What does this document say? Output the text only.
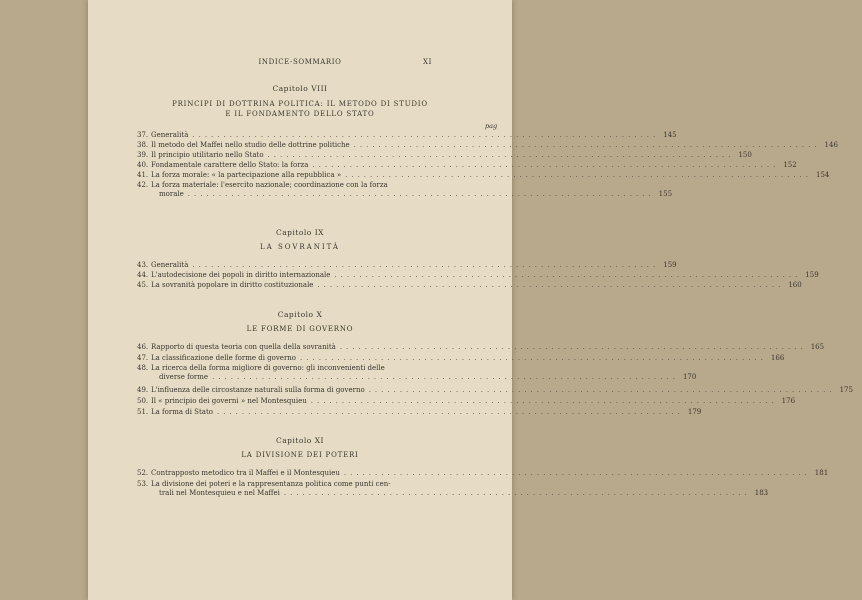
INDICE-SOMMARIO	XI
Capitolo VIII
PRINCIPI DI DOTTRINA POLITICA: IL METODO DI STUDIO
E IL FONDAMENTO DELLO STATO
pag
37. Generalità ........................................................................... 145
38. Il metodo del Maffei nello studio delle dottrine politiche ........................................................................... 146
39. Il principio utilitario nello Stato ........................................................................... 150
40. Fondamentale carattere dello Stato: la forza ........................................................................... 152
41. La forza morale: « la partecipazione alla repubblica » ........................................................................... 154
42. La forza materiale: l'esercito nazionale; coordinazione con la forza
morale ........................................................................... 155
Capitolo IX
LA SOVRANITÀ
43. Generalità ........................................................................... 159
44. L'autodecisione dei popoli in diritto internazionale ........................................................................... 159
45. La sovranità popolare in diritto costituzionale ........................................................................... 160
Capitolo X
LE FORME DI GOVERNO
46. Rapporto di questa teoria con quella della sovranità ........................................................................... 165
47. La classificazione delle forme di governo ........................................................................... 166
48. La ricerca della forma migliore di governo: gli inconvenienti delle
diverse forme ........................................................................... 170
49. L'influenza delle circostanze naturali sulla forma di governo ........................................................................... 175
50. Il « principio dei governi » nel Montesquieu ........................................................................... 176
51. La forma di Stato ........................................................................... 179
Capitolo XI
LA DIVISIONE DEI POTERI
52. Contrapposto metodico tra il Maffei e il Montesquieu ........................................................................... 181
53. La divisione dei poteri e la rappresentanza politica come punti cen-
trali nel Montesquieu e nel Maffei ........................................................................... 183
